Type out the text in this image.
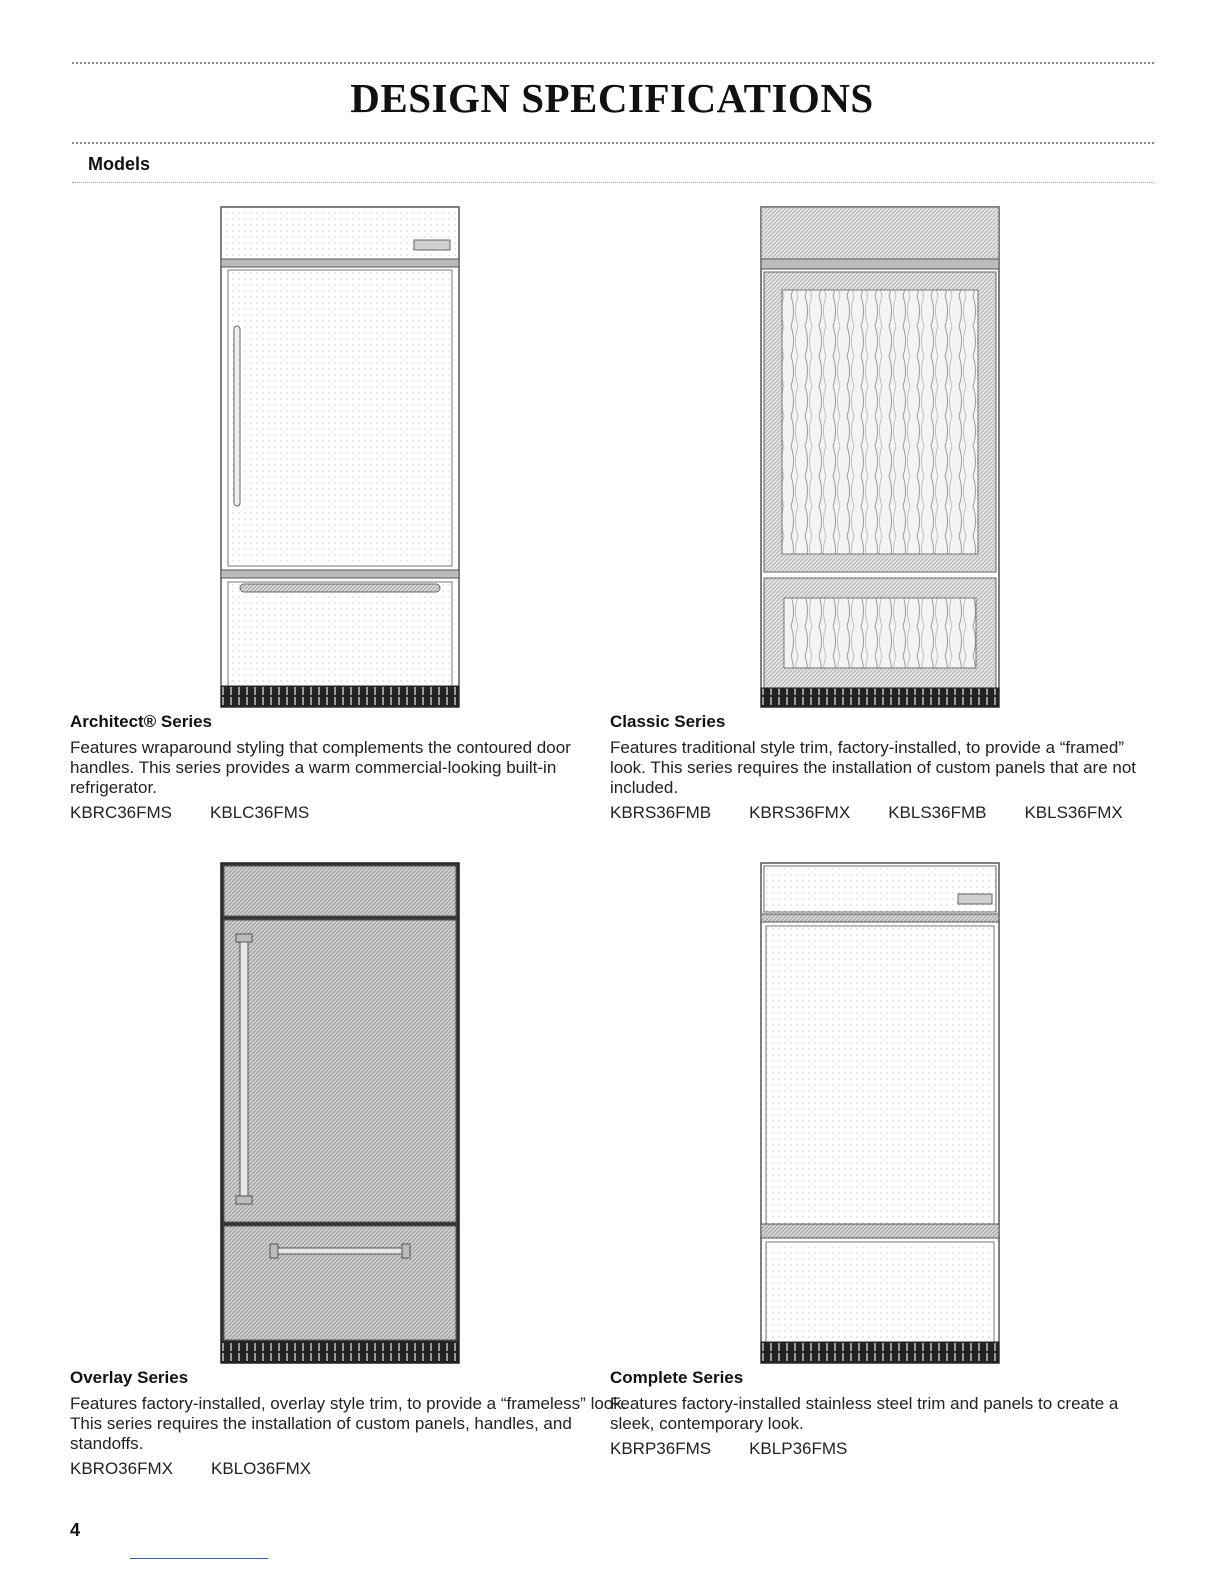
DESIGN SPECIFICATIONS
Models

Architect® Series

Features wraparound styling that complements the contoured door handles. This series provides a warm commercial-looking built-in refrigerator.

KBRC36FMS KBLC36FMS

Classic Series

Features traditional style trim, factory-installed, to provide a “framed” look. This series requires the installation of custom panels that are not included.

KBRS36FMB KBRS36FMX KBLS36FMB KBLS36FMX

Overlay Series

Features factory-installed, overlay style trim, to provide a “frameless” look. This series requires the installation of custom panels, handles, and standoffs.

KBRO36FMX KBLO36FMX

Complete Series

Features factory-installed stainless steel trim and panels to create a sleek, contemporary look.

KBRP36FMS KBLP36FMS
4
